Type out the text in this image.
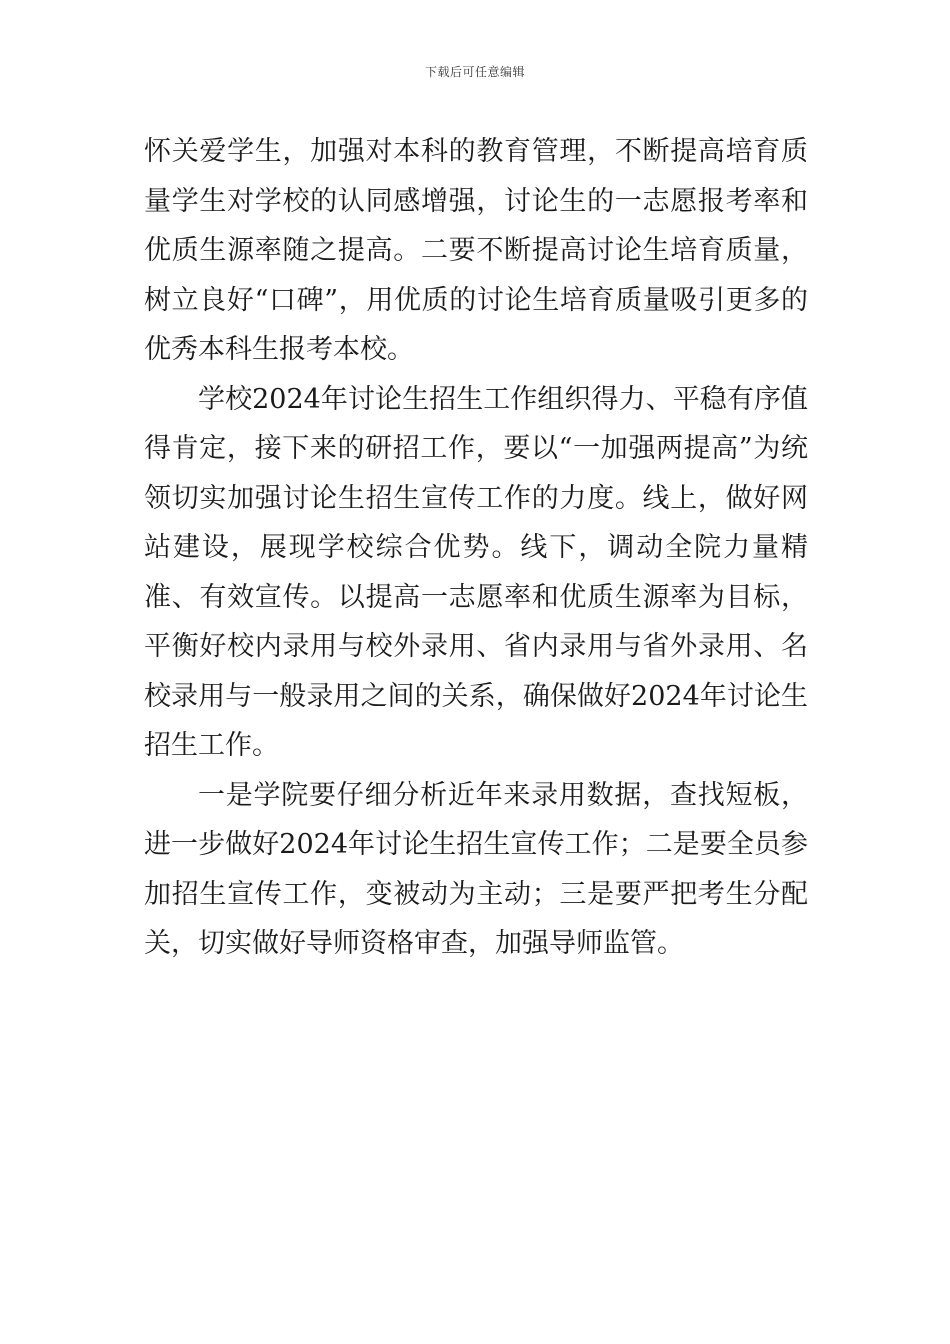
下载后可任意编辑

怀关爱学生，加强对本科的教育管理，不断提高培育质量学生对学校的认同感增强，讨论生的一志愿报考率和优质生源率随之提高。二要不断提高讨论生培育质量，树立良好“口碑”，用优质的讨论生培育质量吸引更多的优秀本科生报考本校。

学校2024年讨论生招生工作组织得力、平稳有序值得肯定，接下来的研招工作，要以“一加强两提高”为统领切实加强讨论生招生宣传工作的力度。线上，做好网站建设，展现学校综合优势。线下，调动全院力量精准、有效宣传。以提高一志愿率和优质生源率为目标，平衡好校内录用与校外录用、省内录用与省外录用、名校录用与一般录用之间的关系，确保做好2024年讨论生招生工作。

一是学院要仔细分析近年来录用数据，查找短板，进一步做好2024年讨论生招生宣传工作；二是要全员参加招生宣传工作，变被动为主动；三是要严把考生分配关，切实做好导师资格审查，加强导师监管。
